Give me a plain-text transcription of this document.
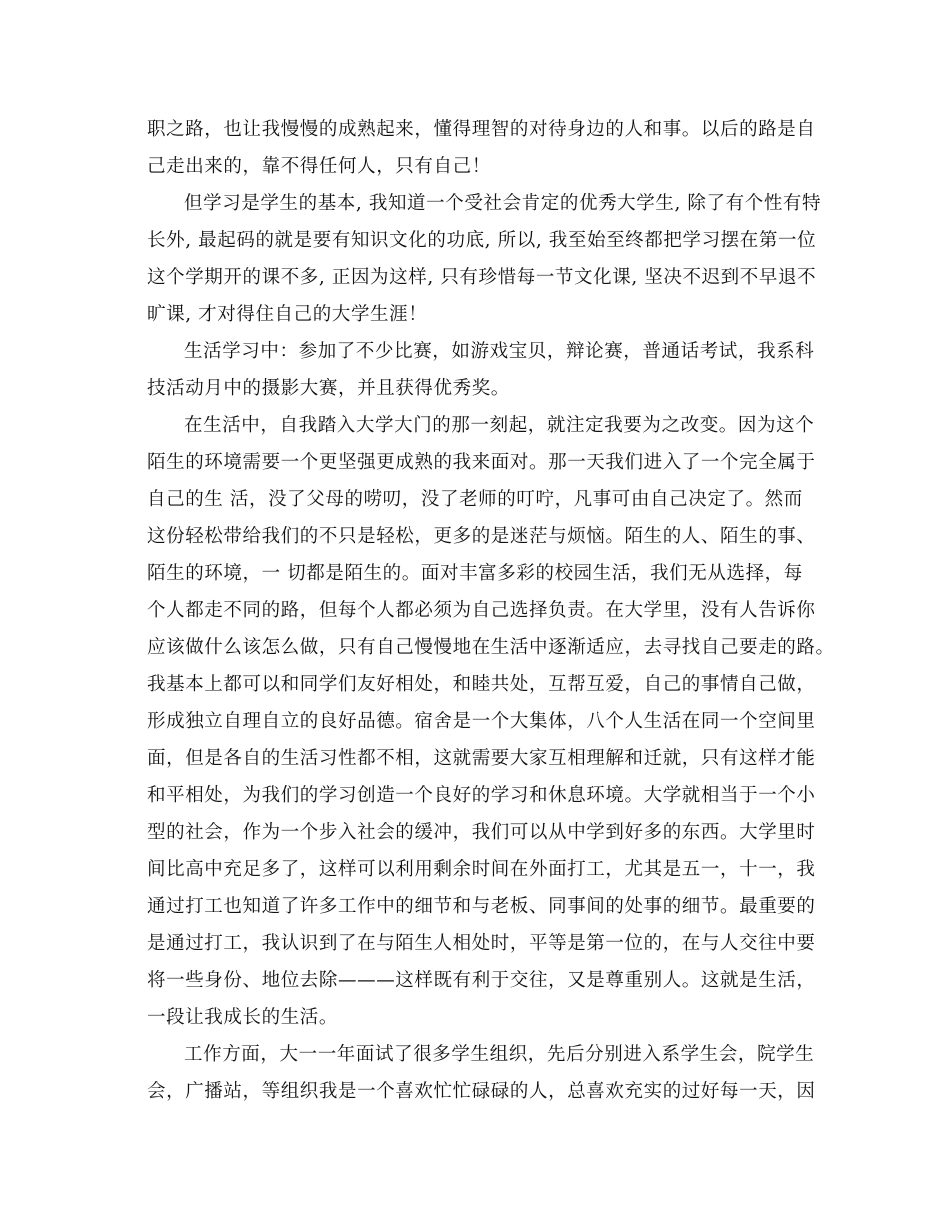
职之路，也让我慢慢的成熟起来，懂得理智的对待身边的人和事。以后的路是自
己走出来的，靠不得任何人，只有自己！
但学习是学生的基本, 我知道一个受社会肯定的优秀大学生, 除了有个性有特
长外, 最起码的就是要有知识文化的功底, 所以, 我至始至终都把学习摆在第一位
这个学期开的课不多, 正因为这样, 只有珍惜每一节文化课, 坚决不迟到不早退不
旷课, 才对得住自己的大学生涯！
生活学习中：参加了不少比赛，如游戏宝贝，辩论赛，普通话考试，我系科
技活动月中的摄影大赛，并且获得优秀奖。
在生活中，自我踏入大学大门的那一刻起，就注定我要为之改变。因为这个
陌生的环境需要一个更坚强更成熟的我来面对。那一天我们进入了一个完全属于
自己的生 活，没了父母的唠叨，没了老师的叮咛，凡事可由自己决定了。然而
这份轻松带给我们的不只是轻松，更多的是迷茫与烦恼。陌生的人、陌生的事、
陌生的环境，一 切都是陌生的。面对丰富多彩的校园生活，我们无从选择，每
个人都走不同的路，但每个人都必须为自己选择负责。在大学里，没有人告诉你
应该做什么该怎么做，只有自己慢慢地在生活中逐渐适应，去寻找自己要走的路。
我基本上都可以和同学们友好相处，和睦共处，互帮互爱，自己的事情自己做，
形成独立自理自立的良好品德。宿舍是一个大集体，八个人生活在同一个空间里
面，但是各自的生活习性都不相，这就需要大家互相理解和迁就，只有这样才能
和平相处，为我们的学习创造一个良好的学习和休息环境。大学就相当于一个小
型的社会，作为一个步入社会的缓冲，我们可以从中学到好多的东西。大学里时
间比高中充足多了，这样可以利用剩余时间在外面打工，尤其是五一，十一，我
通过打工也知道了许多工作中的细节和与老板、同事间的处事的细节。最重要的
是通过打工，我认识到了在与陌生人相处时，平等是第一位的，在与人交往中要
将一些身份、地位去除———这样既有利于交往，又是尊重别人。这就是生活，
一段让我成长的生活。
工作方面，大一一年面试了很多学生组织，先后分别进入系学生会，院学生
会，广播站，等组织我是一个喜欢忙忙碌碌的人，总喜欢充实的过好每一天，因
